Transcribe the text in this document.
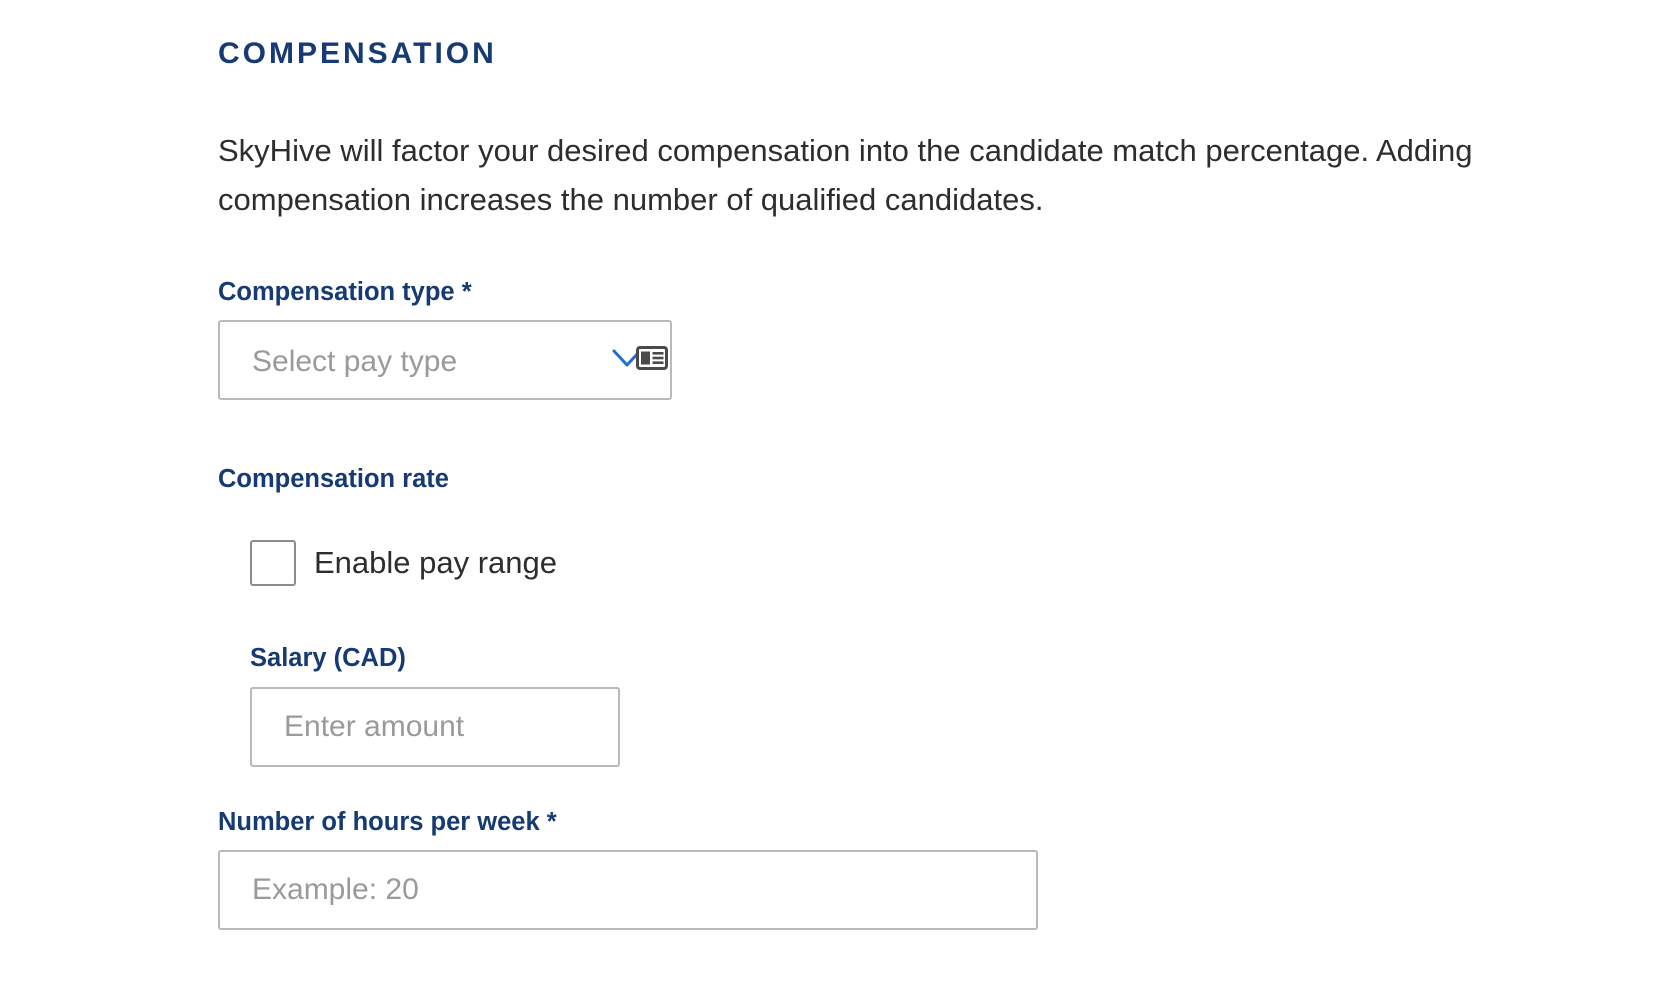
COMPENSATION

SkyHive will factor your desired compensation into the candidate match percentage. Adding compensation increases the number of qualified candidates.

Compensation type *
Select pay type
Compensation rate
Enable pay range
Salary (CAD)
Enter amount
Number of hours per week *
Example: 20
